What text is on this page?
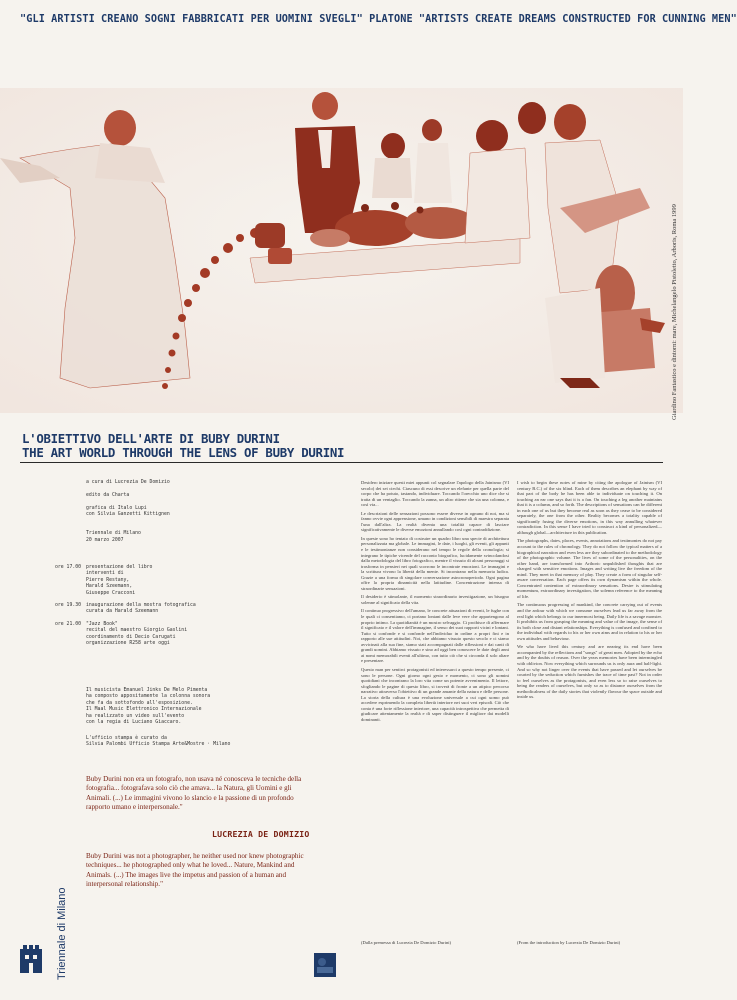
"GLI ARTISTI CREANO SOGNI FABBRICATI PER UOMINI SVEGLI" PLATONE "ARTISTS CREATE DREAMS CONSTRUCTED FOR CUNNING MEN"
Giardino Fantastico e dintorni: mare, Michelangelo Pistoletto, Arboris, Roma 1999
L'OBIETTIVO DELL'ARTE DI BUBY DURINI
THE ART WORLD THROUGH THE LENS OF BUBY DURINI
a cura di Lucrezia De Domizio

edito da Charta

grafica di Italo Lupi
con Silvia Ganzetti Kittignen

Triennale di Milano
20 marzo 2007
ore 17.00	presentazione del libro
interventi di
Pierre Restany,
Harald Szeemann,
Giuseppe Cracconi
ore 19.30	inaugurazione della mostra fotografica
curata da Harald Szeemann
ore 21.00	"Jazz Book"
recital del maestro Giorgio Gaslini
coordinamento di Decio Carugati
organizzazione R258 arte oggi
Il musicista Emanuel Jinks De Melo Pimenta
ha composto appositamente la colonna sonora
che fa da sottofondo all'esposizione.
Il Maal Music Elettronico Internazionale
ha realizzato un video sull'evento
con la regia di Luciano Giaccaro.
L'ufficio stampa è curato da
Silvia Palombi Ufficio Stampa Arte&Mostre · Milano
Buby Durini non era un fotografo, non usava né conosceva le tecniche della fotografia... fotografava solo ciò che amava... la Natura, gli Uomini e gli Animali. (...) Le immagini vivono lo slancio e la passione di un profondo rapporto umano e interpersonale."
LUCREZIA DE DOMIZIO
Buby Durini was not a photographer, he neither used nor knew photographic techniques... he photographed only what he loved... Nature, Mankind and Animals. (...) The images live the impetus and passion of a human and interpersonal relationship."

Desidero iniziare questi miei appunti col segnalare l'apologo della Jainismo (VI secolo) dei sei ciechi. Ciascuno di essi descrive un elefante per quella parte del corpo che ha potuto, tastando, individuare. Toccando l'orecchio uno dice che si tratta di un ventaglio. Toccando la zanna, un altro ritiene che sia una colonna, e così via...

Le descrizioni delle sensazioni possono essere diverse in ognuno di noi, ma si fanno ovvie ogni apprensione, umano in condizioni sensibili di maestra separata l'una dall'altra. La realtà diventa una totalità capace di lasciare significativamente le diverse emozioni annullando così ogni contraddizione.

In queste sono ho tentato di costruire un quadro libro una specie di architettura personalizzata ma globale. Le immagini, le date, i luoghi, gli eventi, gli appunti e le testimonianze non considerano nel tempo le regole della cronologia; si integrano le tipiche vicende del racconto biografico, lucidamente svincolandosi dalla metodologia del libro fotografico, mentre il vissuto di alcuni personaggi si trasforma in pensieri nei quali scorrono le incontrate emozioni. Le immagini e la scrittura vivono la libertà della mente. Si incontrano nella memoria ludica. Grazie a una forma di singolare conversazione asincronoperiodo. Ogni pagina offre la propria dinamicità nella latitudine. Concentrazione intensa di straordinarie sensazioni.

Il desiderio è stimolante, il momento straordinario investigazione, un bisogno solenne al significato della vita.

Il continuo progressivo dell'umano, le concrete attuazioni di eventi, le fughe con le quali ci consentiamo, ci portano lontani dalle leve vere che appartengono al proprio intimo. La quotidianità è un mostro selvaggio. Ci proibisce di affermare il significato e il valore dell'immagine, il senso dei suoi rapporti vicini e lontani. Tutto si confonde e si confonde nell'individuo in ordine a propri fini e in rapporto alle sue attitudini. Noi, che abbiamo vissuto questo secolo e ci siamo avvicinati alla sua fine, siamo stati accompagnati dalle riflessioni e dai canti di grandi uomini. Abbiamo vissuto e sino ad oggi ben conoscere le date degli anni ai nomi memorabili eventi all'ultimo, con tutto ciò che si circonda il solo altare e presentare.

Questo man per sentirci protagonisti ed interessarci a questo tempo presente, ci sono le persone. Ogni giorno ogni gesto e momento, ci sono gli uomini quotidiani che incontrano la loro vita come un potente avvenimento. Il lettore, sfogliando le pagine di questo libro, si troverà di fronte a un atipico percorso narrativo attraverso l'obiettivo di un grande amante della natura e delle persone. La storia della cultura è una evoluzione universale a cui ogni uomo può accedere esprimendo la completa libertà interiore nei suoi veri episodi. Ciò che conta è una forte riflessione interiore, una capacità introspettiva che permetta di giudicare attentamente la realtà e di saper distinguere il migliore dai modelli dominanti.

(Dalla premessa di Lucrezia De Domizio Durini)

I wish to begin these notes of mine by citing the apologue of Jainism (VI century B.C.) of the six blind. Each of them describes an elephant by way of that part of the body he has been able to individuate on touching it. On touching an ear one says that it is a fan. On touching a leg another maintains that it is a column, and so forth. The descriptions of sensations can be different in each one of us but they become real as soon as they cease to be considered separately, the one from the other. Reality becomes a totality capable of significantly fusing the diverse emotions, in this way annulling whatever contradiction. In this sense I have tried to construct a kind of personalized—although global—architecture in this publication.

The photographs, dates, places, events, annotations and testimonies do not pay account to the rules of chronology. They do not follow the typical matters of a biographical narration and even less are they subordinated to the methodology of the photographic volume. The lives of some of the personalities, on the other hand, are transformed into Arthoric unpublished thoughts that are charged with sensitive emotions. Images and writing live the freedom of the mind. They meet in that memory of play. They create a form of singular self-aware conversation. Each page offers its own dynamism within the whole. Concentrated contention of extraordinary sensations. Desire is stimulating momentum, extraordinary investigation, the solemn reference to the meaning of life.

The continuous progressing of mankind, the concrete carrying out of events and the ardour with which we consume ourselves lead us far away from the real light which belongs to our innermost being. Daily life is a savage monster. It prohibits us from grasping the meaning and value of the image, the sense of its both close and distant relationships. Everything is confused and confined to the individual with regards to his or her own aims and in relation to his or her own attitudes and behaviour.

We who have lived this century and are nearing its end have been accompanied by the reflections and "songs" of great men. Adopted by the echo and by the doubts of reason. Over the years memories have been intermingled with oblivion. Now everything which surrounds us is only aura and half-light. And so why not linger over the events that have passed and let ourselves be courted by the seduction which furnishes the trace of time past? Not in order to feel ourselves as the protagonists, and even less so to raise ourselves to being the readers of ourselves, but only so as to distance ourselves from the methodicalness of the daily stories that violently flavour the space outside and inside us.

(From the introduction by Lucrezia De Domizio Durini)
Triennale di Milano
